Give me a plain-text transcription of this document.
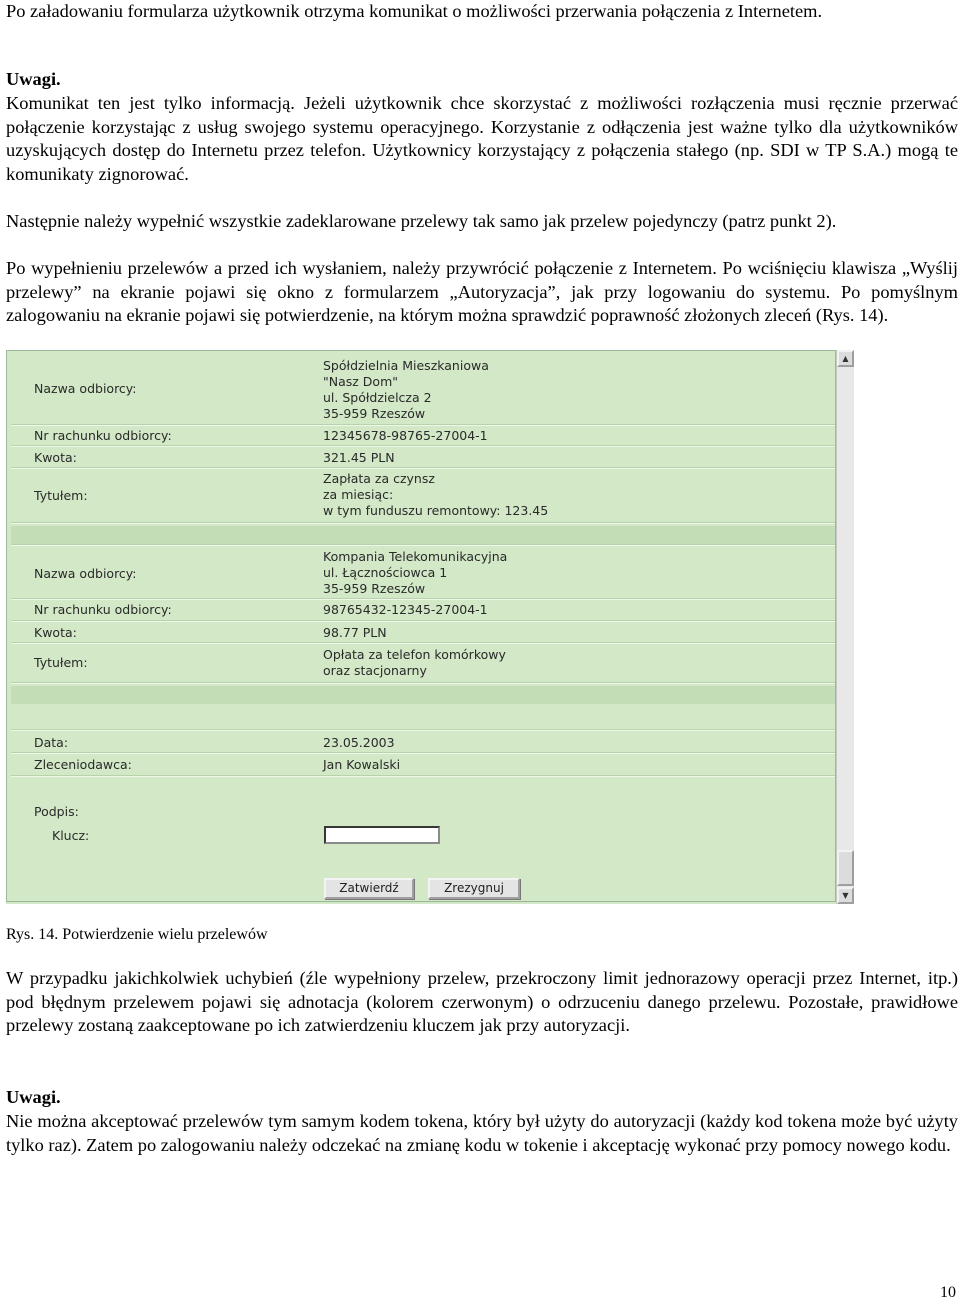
Po załadowaniu formularza użytkownik otrzyma komunikat o możliwości przerwania połączenia z Internetem.

Uwagi.

Komunikat ten jest tylko informacją. Jeżeli użytkownik chce skorzystać z możliwości rozłączenia musi ręcznie przerwać połączenie korzystając z usług swojego systemu operacyjnego. Korzystanie z odłączenia jest ważne tylko dla użytkowników uzyskujących dostęp do Internetu przez telefon. Użytkownicy korzystający z połączenia stałego (np. SDI w TP S.A.) mogą te komunikaty zignorować.

Następnie należy wypełnić wszystkie zadeklarowane przelewy tak samo jak przelew pojedynczy (patrz punkt 2).

Po wypełnieniu przelewów a przed ich wysłaniem, należy przywrócić połączenie z Internetem. Po wciśnięciu klawisza „Wyślij przelewy” na ekranie pojawi się okno z formularzem „Autoryzacja”, jak przy logowaniu do systemu. Po pomyślnym zalogowaniu na ekranie pojawi się potwierdzenie, na którym można sprawdzić poprawność złożonych zleceń (Rys. 14).

Nazwa odbiorcy:
Spółdzielnia Mieszkaniowa
"Nasz Dom"
ul. Spółdzielcza 2
35-959 Rzeszów
Nr rachunku odbiorcy:	12345678-98765-27004-1
Kwota:	321.45 PLN
Tytułem:
Zapłata za czynsz
za miesiąc:
w tym funduszu remontowy: 123.45
Nazwa odbiorcy:
Kompania Telekomunikacyjna
ul. Łącznościowca 1
35-959 Rzeszów
Nr rachunku odbiorcy:	98765432-12345-27004-1
Kwota:	98.77 PLN
Tytułem:
Opłata za telefon komórkowy
oraz stacjonarny
Data:	23.05.2003
Zleceniodawca:	Jan Kowalski
Podpis:
Klucz:
Zatwierdź	Zrezygnuj
▲
▼
Rys. 14. Potwierdzenie wielu przelewów

W przypadku jakichkolwiek uchybień (źle wypełniony przelew, przekroczony limit jednorazowy operacji przez Internet, itp.) pod błędnym przelewem pojawi się adnotacja (kolorem czerwonym) o odrzuceniu danego przelewu. Pozostałe, prawidłowe przelewy zostaną zaakceptowane po ich zatwierdzeniu kluczem jak przy autoryzacji.

Uwagi.

Nie można akceptować przelewów tym samym kodem tokena, który był użyty do autoryzacji (każdy kod tokena może być użyty tylko raz). Zatem po zalogowaniu należy odczekać na zmianę kodu w tokenie i akceptację wykonać przy pomocy nowego kodu.

10
